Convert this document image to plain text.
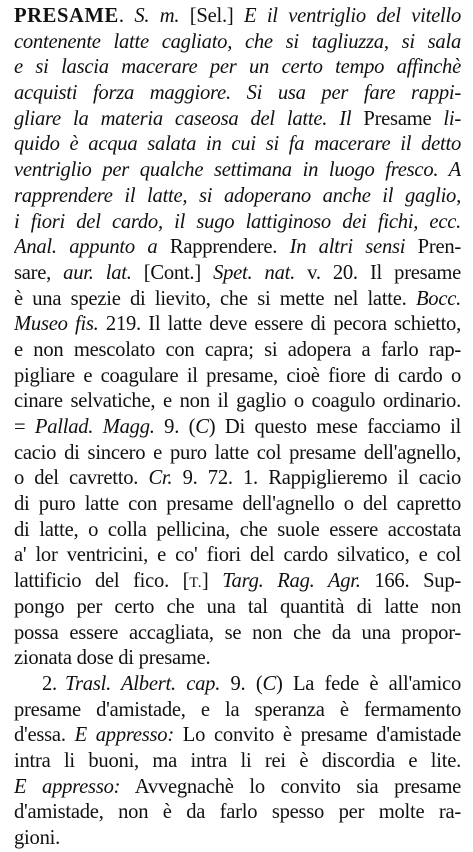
PRESAME. S. m. [Sel.] E il ventriglio del vitello
contenente latte cagliato, che si tagliuzza, si sala
e si lascia macerare per un certo tempo affinchè
acquisti forza maggiore. Si usa per fare rappi-
gliare la materia caseosa del latte. Il Presame li-
quido è acqua salata in cui si fa macerare il detto
ventriglio per qualche settimana in luogo fresco. A
rapprendere il latte, si adoperano anche il gaglio,
i fiori del cardo, il sugo lattiginoso dei fichi, ecc.
Anal. appunto a Rapprendere. In altri sensi Pren-
sare, aur. lat. [Cont.] Spet. nat. v. 20. Il presame
è una spezie di lievito, che si mette nel latte. Bocc.
Museo fis. 219. Il latte deve essere di pecora schietto,
e non mescolato con capra; si adopera a farlo rap-
pigliare e coagulare il presame, cioè fiore di cardo o
cinare selvatiche, e non il gaglio o coagulo ordinario.
= Pallad. Magg. 9. (C) Di questo mese facciamo il
cacio di sincero e puro latte col presame dell'agnello,
o del cavretto. Cr. 9. 72. 1. Rappiglieremo il cacio
di puro latte con presame dell'agnello o del capretto
di latte, o colla pellicina, che suole essere accostata
a' lor ventricini, e co' fiori del cardo silvatico, e col
lattificio del fico. [T.] Targ. Rag. Agr. 166. Sup-
pongo per certo che una tal quantità di latte non
possa essere accagliata, se non che da una propor-
zionata dose di presame.
2. Trasl. Albert. cap. 9. (C) La fede è all'amico
presame d'amistade, e la speranza è fermamento
d'essa. E appresso: Lo convito è presame d'amistade
intra li buoni, ma intra li rei è discordia e lite.
E appresso: Avvegnachè lo convito sia presame
d'amistade, non è da farlo spesso per molte ra-
gioni.
